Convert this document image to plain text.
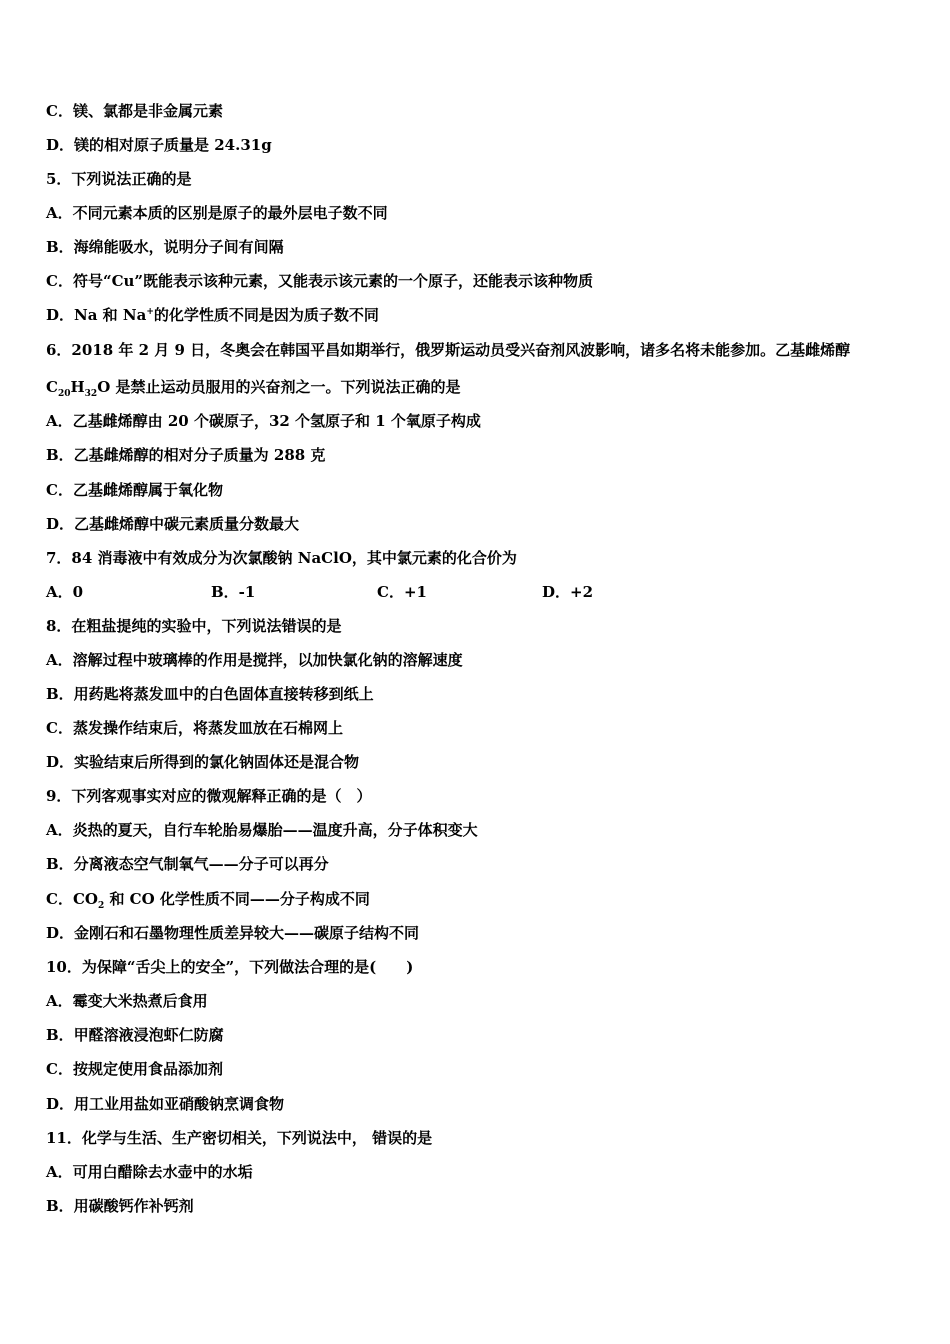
C．镁、氯都是非金属元素
D．镁的相对原子质量是 24.31g
5．下列说法正确的是
A．不同元素本质的区别是原子的最外层电子数不同
B．海绵能吸水，说明分子间有间隔
C．符号“Cu”既能表示该种元素，又能表示该元素的一个原子，还能表示该种物质
D．Na 和 Na+的化学性质不同是因为质子数不同
6．2018 年 2 月 9 日，冬奥会在韩国平昌如期举行，俄罗斯运动员受兴奋剂风波影响，诸多名将未能参加。乙基雌烯醇
$C_{20}H_{32}O$ 是禁止运动员服用的兴奋剂之一。下列说法正确的是
A．乙基雌烯醇由 20 个碳原子，32 个氢原子和 1 个氧原子构成
B．乙基雌烯醇的相对分子质量为 288 克
C．乙基雌烯醇属于氧化物
D．乙基雌烯醇中碳元素质量分数最大
7．84 消毒液中有效成分为次氯酸钠 NaClO，其中氯元素的化合价为
A．0	B．-1	C．+1	D．+2
8．在粗盐提纯的实验中，下列说法错误的是
A．溶解过程中玻璃棒的作用是搅拌，以加快氯化钠的溶解速度
B．用药匙将蒸发皿中的白色固体直接转移到纸上
C．蒸发操作结束后，将蒸发皿放在石棉网上
D．实验结束后所得到的氯化钠固体还是混合物
9．下列客观事实对应的微观解释正确的是（　）
A．炎热的夏天，自行车轮胎易爆胎——温度升高，分子体积变大
B．分离液态空气制氧气——分子可以再分
C．$CO_2$ 和 CO 化学性质不同——分子构成不同
D．金刚石和石墨物理性质差异较大——碳原子结构不同
10．为保障“舌尖上的安全”，下列做法合理的是(　　)
A．霉变大米热煮后食用
B．甲醛溶液浸泡虾仁防腐
C．按规定使用食品添加剂
D．用工业用盐如亚硝酸钠烹调食物
11．化学与生活、生产密切相关，下列说法中， 错误的是
A．可用白醋除去水壶中的水垢
B．用碳酸钙作补钙剂
